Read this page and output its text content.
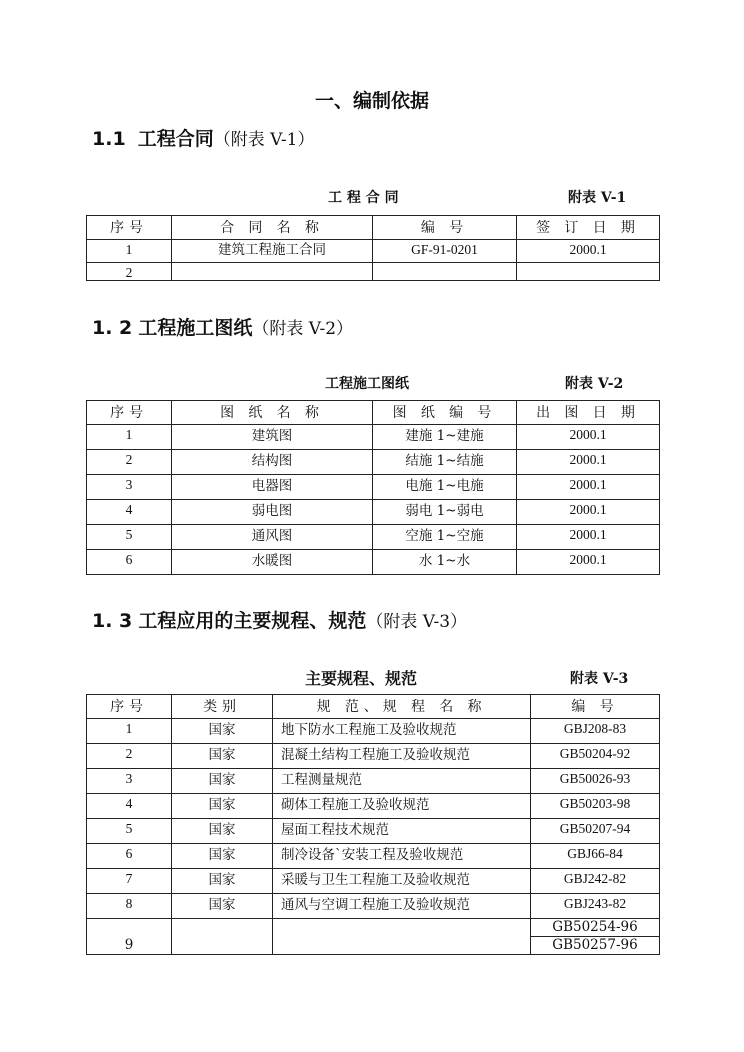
一、编制依据
1.1 工程合同（附表 V-1）
工 程 合 同	附表 V-1
序号	合 同 名 称	编 号	签 订 日 期
1	建筑工程施工合同	GF-91-0201	2000.1
2			
1. 2 工程施工图纸（附表 V-2）
工程施工图纸	附表 V-2
序号	图 纸 名 称	图 纸 编 号	出 图 日 期
1	建筑图	建施 1~建施	2000.1
2	结构图	结施 1~结施	2000.1
3	电器图	电施 1~电施	2000.1
4	弱电图	弱电 1~弱电	2000.1
5	通风图	空施 1~空施	2000.1
6	水暖图	水 1~水	2000.1
1. 3 工程应用的主要规程、规范（附表 V-3）
主要规程、规范	附表 V-3
序号	类别	规 范、规 程 名 称	编 号
1	国家	地下防水工程施工及验收规范	GBJ208-83
2	国家	混凝土结构工程施工及验收规范	GB50204-92
3	国家	工程测量规范	GB50026-93
4	国家	砌体工程施工及验收规范	GB50203-98
5	国家	屋面工程技术规范	GB50207-94
6	国家	制冷设备`安装工程及验收规范	GBJ66-84
7	国家	采暖与卫生工程施工及验收规范	GBJ242-82
8	国家	通风与空调工程施工及验收规范	GBJ243-82
9			GB50254-96
			GB50257-96
